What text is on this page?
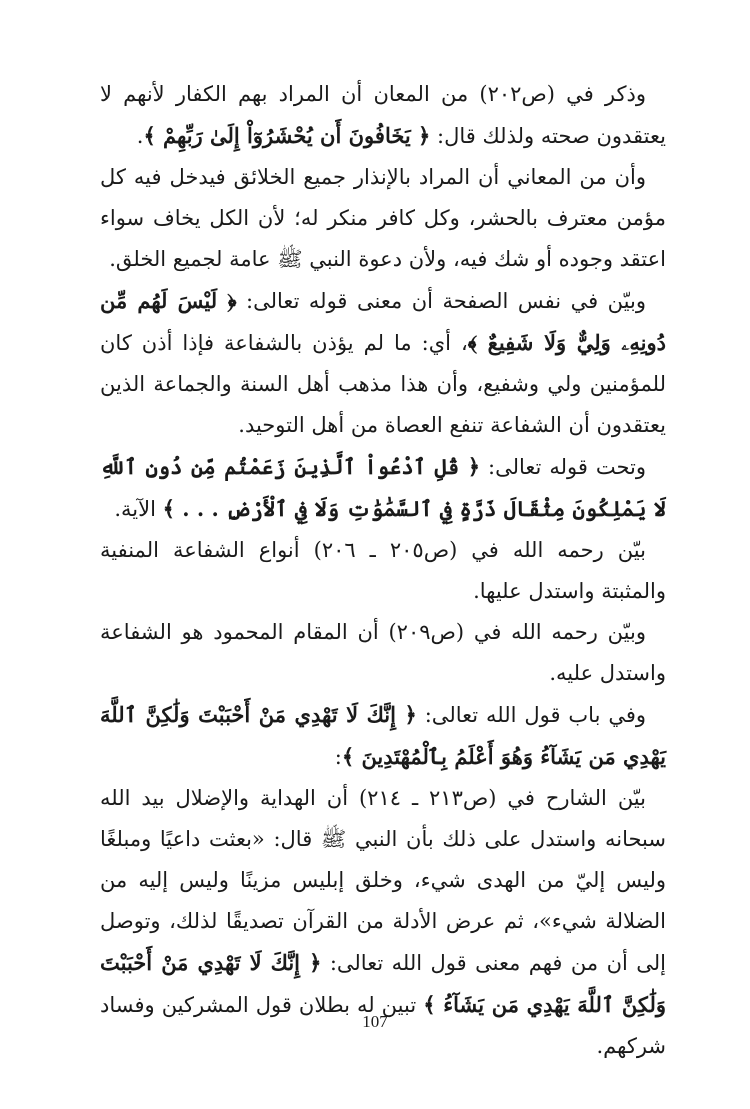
وذكر في (ص٢٠٢) من المعان أن المراد بهم الكفار لأنهم لا يعتقدون صحته ولذلك قال: ﴿ يَخَافُونَ أَن يُحْشَرُوٓاْ إِلَىٰ رَبِّهِمْ ﴾.

وأن من المعاني أن المراد بالإنذار جميع الخلائق فيدخل فيه كل مؤمن معترف بالحشر، وكل كافر منكر له؛ لأن الكل يخاف سواء اعتقد وجوده أو شك فيه، ولأن دعوة النبي ﷺ عامة لجميع الخلق.

وبيّن في نفس الصفحة أن معنى قوله تعالى: ﴿ لَيْسَ لَهُم مِّن دُونِهِۦ وَلِيٌّ وَلَا شَفِيعٌ ﴾، أي: ما لم يؤذن بالشفاعة فإذا أذن كان للمؤمنين ولي وشفيع، وأن هذا مذهب أهل السنة والجماعة الذين يعتقدون أن الشفاعة تنفع العصاة من أهل التوحيد.

وتحت قوله تعالى: ﴿ قُلِ ٱدْعُواْ ٱلَّذِينَ زَعَمْتُم مِّن دُونِ ٱللَّهِ لَا يَمْلِكُونَ مِثْقَالَ ذَرَّةٍ فِي ٱلسَّمَٰوَٰتِ وَلَا فِي ٱلْأَرْضِ . . . ﴾ الآية.

بيّن رحمه الله في (ص٢٠٥ ـ ٢٠٦) أنواع الشفاعة المنفية والمثبتة واستدل عليها.

وبيّن رحمه الله في (ص٢٠٩) أن المقام المحمود هو الشفاعة واستدل عليه.

وفي باب قول الله تعالى: ﴿ إِنَّكَ لَا تَهْدِي مَنْ أَحْبَبْتَ وَلَٰكِنَّ ٱللَّهَ يَهْدِي مَن يَشَآءُ وَهُوَ أَعْلَمُ بِٱلْمُهْتَدِينَ ﴾:

بيّن الشارح في (ص٢١٣ ـ ٢١٤) أن الهداية والإضلال بيد الله سبحانه واستدل على ذلك بأن النبي ﷺ قال: «بعثت داعيًا ومبلغًا وليس إليّ من الهدى شيء، وخلق إبليس مزينًا وليس إليه من الضلالة شيء»، ثم عرض الأدلة من القرآن تصديقًا لذلك، وتوصل إلى أن من فهم معنى قول الله تعالى: ﴿ إِنَّكَ لَا تَهْدِي مَنْ أَحْبَبْتَ وَلَٰكِنَّ ٱللَّهَ يَهْدِي مَن يَشَآءُ ﴾ تبين له بطلان قول المشركين وفساد شركهم.

107
